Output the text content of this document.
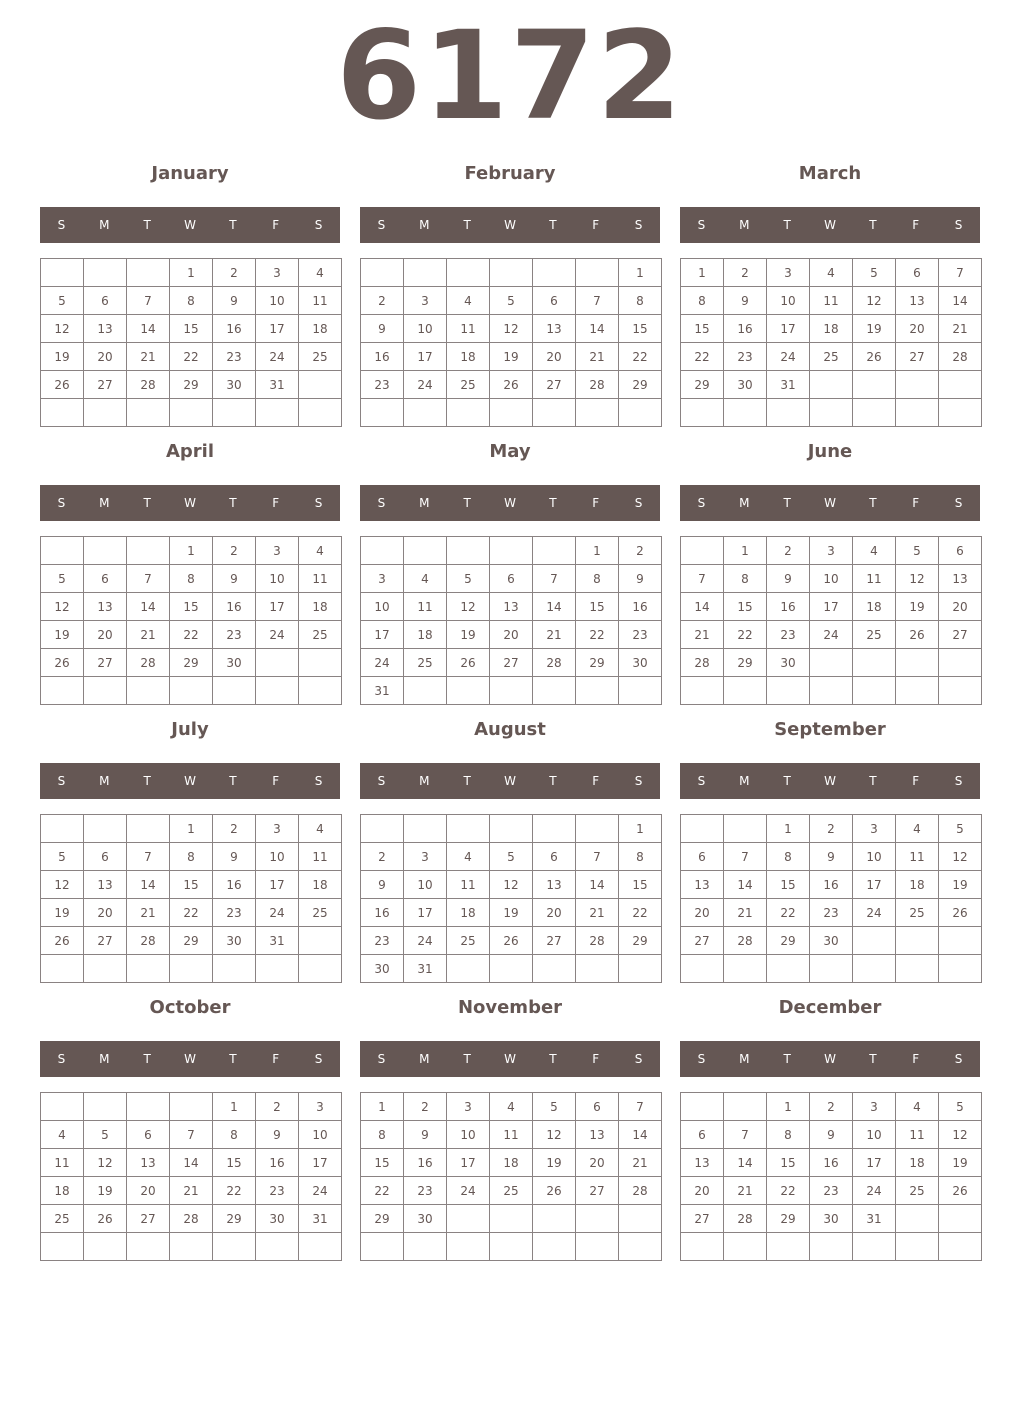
6172
January
S	M	T	W	T	F	S
			1	2	3	4
5	6	7	8	9	10	11
12	13	14	15	16	17	18
19	20	21	22	23	24	25
26	27	28	29	30	31	

February
S	M	T	W	T	F	S
						1
2	3	4	5	6	7	8
9	10	11	12	13	14	15
16	17	18	19	20	21	22
23	24	25	26	27	28	29

March
S	M	T	W	T	F	S
1	2	3	4	5	6	7
8	9	10	11	12	13	14
15	16	17	18	19	20	21
22	23	24	25	26	27	28
29	30	31				

April
S	M	T	W	T	F	S
			1	2	3	4
5	6	7	8	9	10	11
12	13	14	15	16	17	18
19	20	21	22	23	24	25
26	27	28	29	30		

May
S	M	T	W	T	F	S
					1	2
3	4	5	6	7	8	9
10	11	12	13	14	15	16
17	18	19	20	21	22	23
24	25	26	27	28	29	30
31						
June
S	M	T	W	T	F	S
	1	2	3	4	5	6
7	8	9	10	11	12	13
14	15	16	17	18	19	20
21	22	23	24	25	26	27
28	29	30				

July
S	M	T	W	T	F	S
			1	2	3	4
5	6	7	8	9	10	11
12	13	14	15	16	17	18
19	20	21	22	23	24	25
26	27	28	29	30	31	

August
S	M	T	W	T	F	S
						1
2	3	4	5	6	7	8
9	10	11	12	13	14	15
16	17	18	19	20	21	22
23	24	25	26	27	28	29
30	31					
September
S	M	T	W	T	F	S
		1	2	3	4	5
6	7	8	9	10	11	12
13	14	15	16	17	18	19
20	21	22	23	24	25	26
27	28	29	30			

October
S	M	T	W	T	F	S
				1	2	3
4	5	6	7	8	9	10
11	12	13	14	15	16	17
18	19	20	21	22	23	24
25	26	27	28	29	30	31

November
S	M	T	W	T	F	S
1	2	3	4	5	6	7
8	9	10	11	12	13	14
15	16	17	18	19	20	21
22	23	24	25	26	27	28
29	30					

December
S	M	T	W	T	F	S
		1	2	3	4	5
6	7	8	9	10	11	12
13	14	15	16	17	18	19
20	21	22	23	24	25	26
27	28	29	30	31		
